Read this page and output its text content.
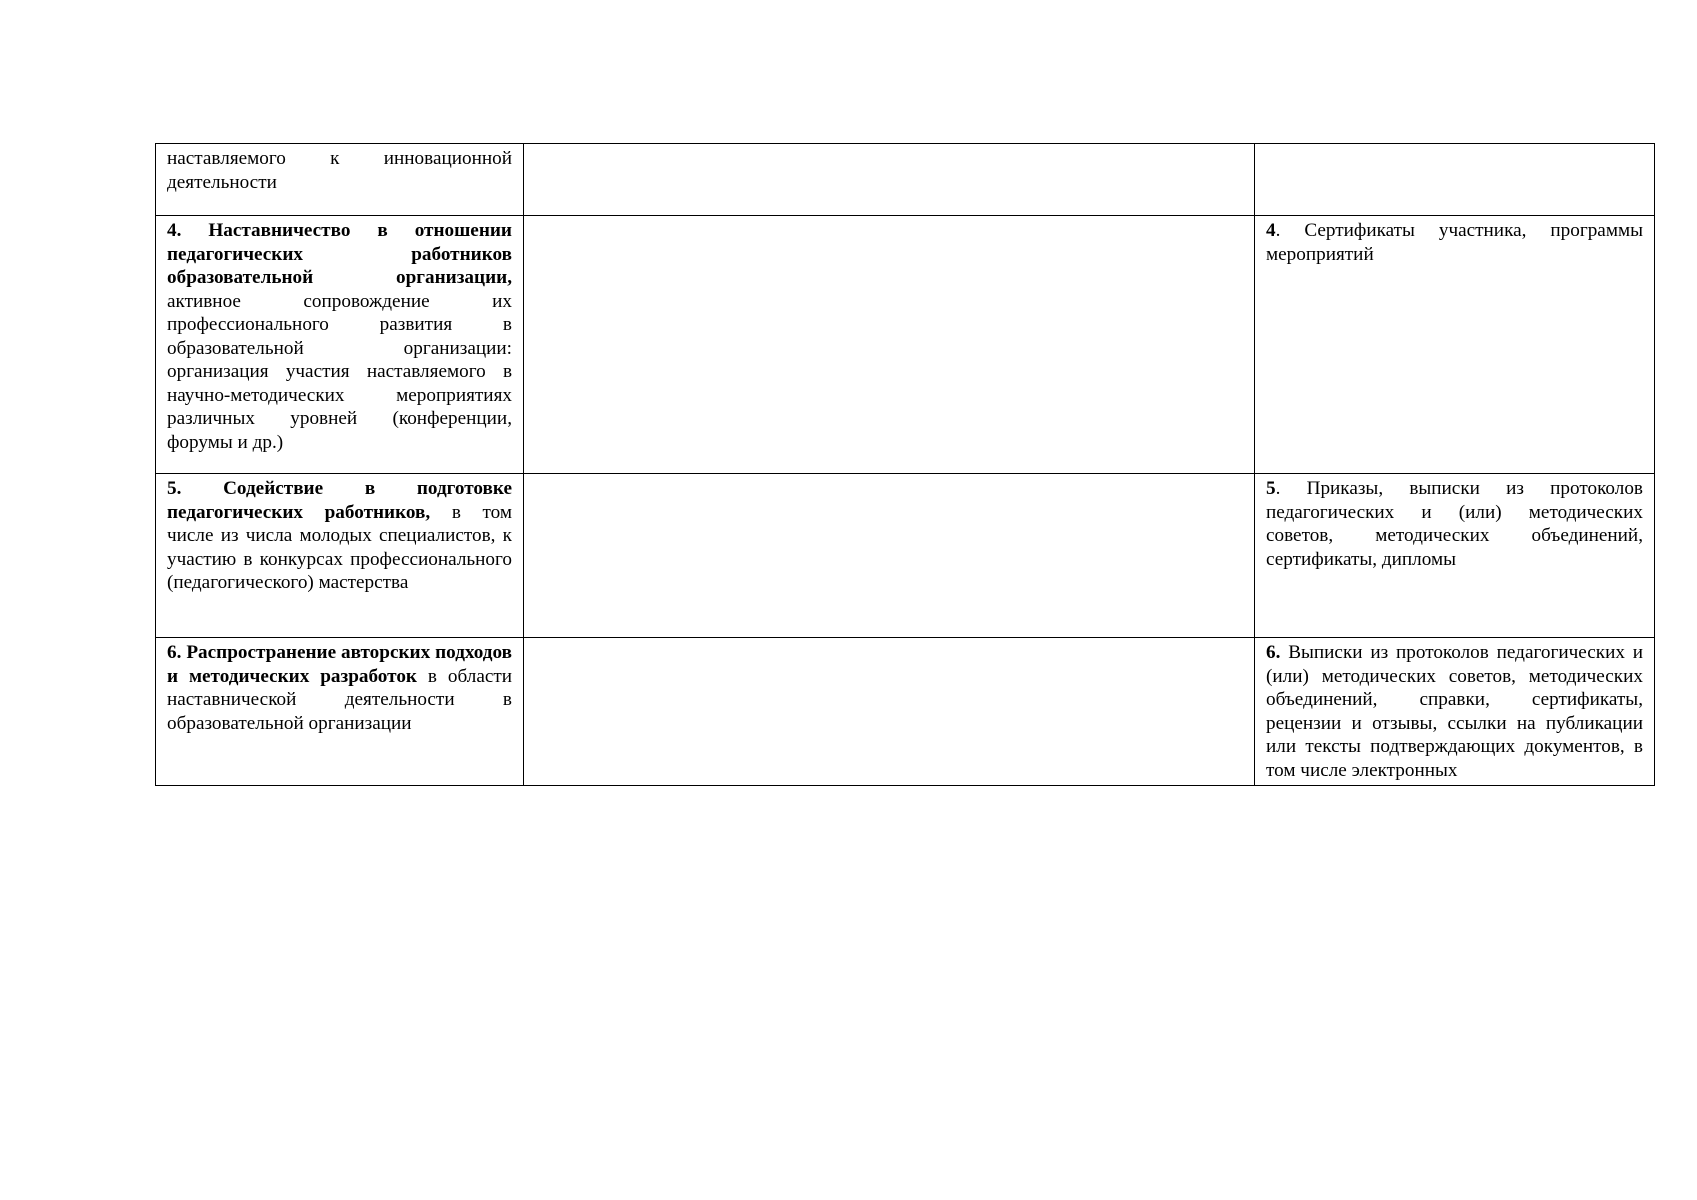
наставляемого к инновационной деятельности		
4. Наставничество в отношении педагогических работников образовательной организации, активное сопровождение их профессионального развития в образовательной организации: организация участия наставляемого в научно-методических мероприятиях различных уровней (конференции, форумы и др.)		4. Сертификаты участника, программы мероприятий
5. Содействие в подготовке педагогических работников, в том числе из числа молодых специалистов, к участию в конкурсах профессионального (педагогического) мастерства		5. Приказы, выписки из протоколов педагогических и (или) методических советов, методических объединений, сертификаты, дипломы
6. Распространение авторских подходов и методических разработок в области наставнической деятельности в образовательной организации		6. Выписки из протоколов педагогических и (или) методических советов, методических объединений, справки, сертификаты, рецензии и отзывы, ссылки на публикации или тексты подтверждающих документов, в том числе электронных
